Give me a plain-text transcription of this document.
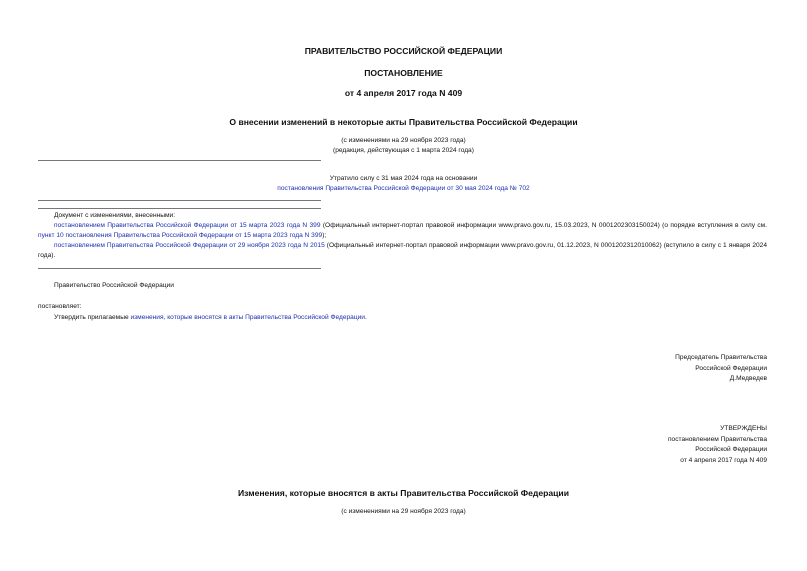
ПРАВИТЕЛЬСТВО РОССИЙСКОЙ ФЕДЕРАЦИИ
ПОСТАНОВЛЕНИЕ
от 4 апреля 2017 года N 409
О внесении изменений в некоторые акты Правительства Российской Федерации
(с изменениями на 29 ноября 2023 года)
(редакция, действующая с 1 марта 2024 года)
Утратило силу с 31 мая 2024 года на основании
постановления Правительства Российской Федерации от 30 мая 2024 года № 702
Документ с изменениями, внесенными:
постановлением Правительства Российской Федерации от 15 марта 2023 года N 399 (Официальный интернет-портал правовой информации www.pravo.gov.ru, 15.03.2023, N 0001202303150024) (о порядке вступления в силу см. пункт 10 постановления Правительства Российской Федерации от 15 марта 2023 года N 399);
постановлением Правительства Российской Федерации от 29 ноября 2023 года N 2015 (Официальный интернет-портал правовой информации www.pravo.gov.ru, 01.12.2023, N 0001202312010062) (вступило в силу с 1 января 2024 года).
Правительство Российской Федерации
постановляет:
Утвердить прилагаемые изменения, которые вносятся в акты Правительства Российской Федерации.
Председатель Правительства
Российской Федерации
Д.Медведев
УТВЕРЖДЕНЫ
постановлением Правительства
Российской Федерации
от 4 апреля 2017 года N 409
Изменения, которые вносятся в акты Правительства Российской Федерации
(с изменениями на 29 ноября 2023 года)
